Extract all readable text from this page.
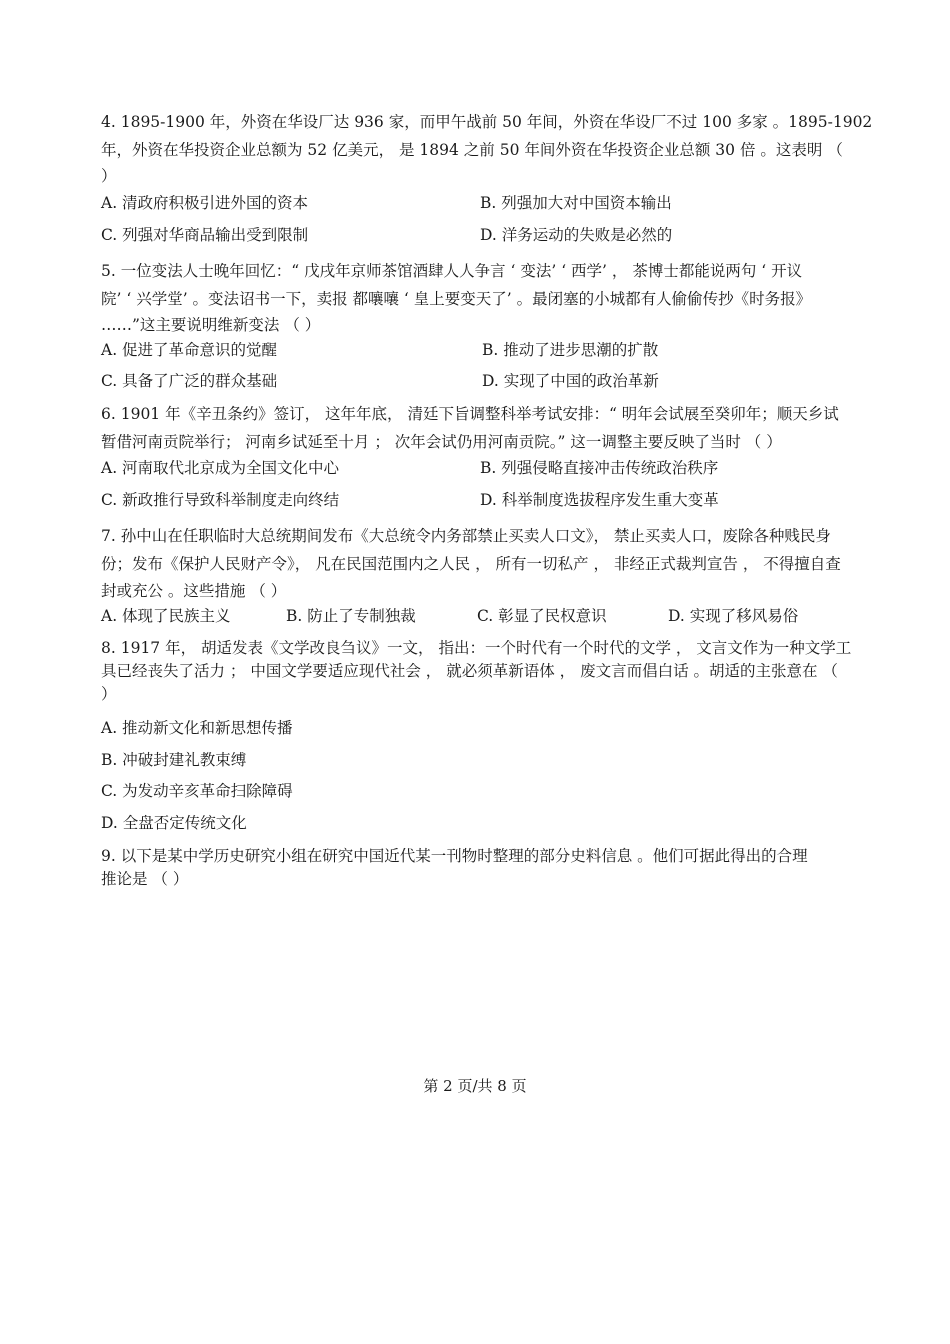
4. 1895-1900 年，外资在华设厂达 936 家，而甲午战前 50 年间，外资在华设厂不过 100 多家 。1895-1902
年，外资在华投资企业总额为 52 亿美元， 是 1894 之前 50 年间外资在华投资企业总额 30 倍 。这表明 （
）
A. 清政府积极引进外国的资本	B. 列强加大对中国资本输出
C. 列强对华商品输出受到限制	D. 洋务运动的失败是必然的
5. 一位变法人士晚年回忆：“ 戊戌年京师茶馆酒肆人人争言 ‘ 变法’ ‘ 西学’ ， 茶博士都能说两句 ‘ 开议
院’ ‘ 兴学堂’ 。变法诏书一下，卖报 都嚷嚷 ‘ 皇上要变天了’ 。最闭塞的小城都有人偷偷传抄《时务报》
……”这主要说明维新变法 （ ）
A. 促进了革命意识的觉醒	B. 推动了进步思潮的扩散
C. 具备了广泛的群众基础	D. 实现了中国的政治革新
6. 1901 年《辛丑条约》签订， 这年年底， 清廷下旨调整科举考试安排：“ 明年会试展至癸卯年；顺天乡试
暂借河南贡院举行； 河南乡试延至十月 ； 次年会试仍用河南贡院。” 这一调整主要反映了当时 （ ）
A. 河南取代北京成为全国文化中心	B. 列强侵略直接冲击传统政治秩序
C. 新政推行导致科举制度走向终结	D. 科举制度选拔程序发生重大变革
7. 孙中山在任职临时大总统期间发布《大总统令内务部禁止买卖人口文》， 禁止买卖人口，废除各种贱民身
份；发布《保护人民财产令》， 凡在民国范围内之人民 ， 所有一切私产 ， 非经正式裁判宣告 ， 不得擅自查
封或充公 。这些措施 （ ）
A. 体现了民族主义	B. 防止了专制独裁	C. 彰显了民权意识	D. 实现了移风易俗
8. 1917 年， 胡适发表《文学改良刍议》一文， 指出：一个时代有一个时代的文学 ， 文言文作为一种文学工
具已经丧失了活力 ； 中国文学要适应现代社会 ， 就必须革新语体 ， 废文言而倡白话 。胡适的主张意在 （
）
A. 推动新文化和新思想传播
B. 冲破封建礼教束缚
C. 为发动辛亥革命扫除障碍
D. 全盘否定传统文化
9. 以下是某中学历史研究小组在研究中国近代某一刊物时整理的部分史料信息 。他们可据此得出的合理
推论是 （ ）
第 2 页/共 8 页
